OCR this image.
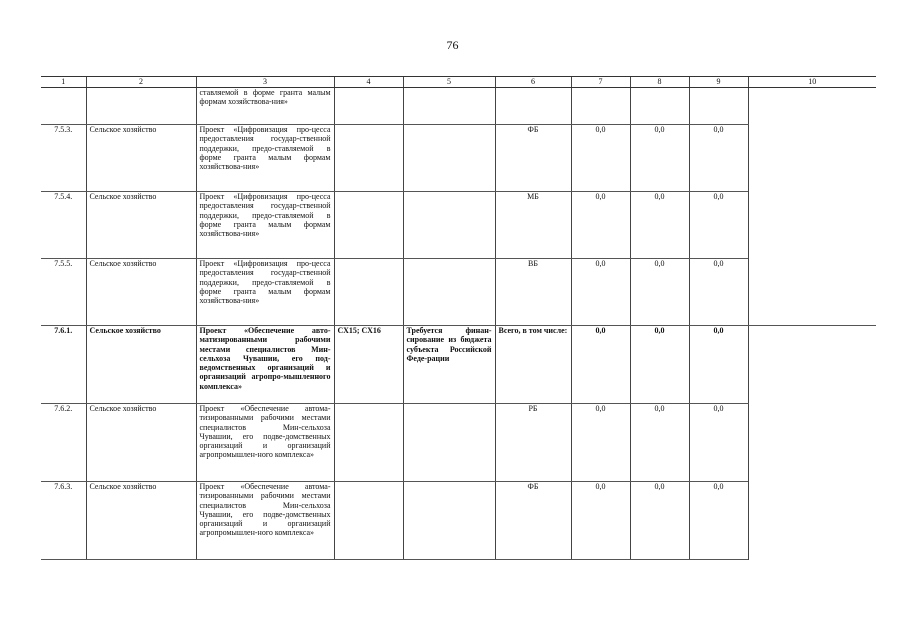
76
1	2	3	4	5	6	7	8	9	10
		ставляемой в форме гранта малым формам хозяйствова-ния»							
7.5.3.	Сельское хозяйство	Проект «Цифровизация про-цесса предоставления государ-ственной поддержки, предо-ставляемой в форме гранта малым формам хозяйствова-ния»			ФБ	0,0	0,0	0,0	
7.5.4.	Сельское хозяйство	Проект «Цифровизация про-цесса предоставления государ-ственной поддержки, предо-ставляемой в форме гранта малым формам хозяйствова-ния»			МБ	0,0	0,0	0,0	
7.5.5.	Сельское хозяйство	Проект «Цифровизация про-цесса предоставления государ-ственной поддержки, предо-ставляемой в форме гранта малым формам хозяйствова-ния»			ВБ	0,0	0,0	0,0	
7.6.1.	Сельское хозяйство	Проект «Обеспечение авто-матизированными рабочими местами специалистов Мин-сельхоза Чувашии, его под-ведомственных организаций и организаций агропро-мышленного комплекса»	СХ15; СХ16	Требуется финан-сирование из бюджета субъекта Российской Феде-рации	Всего, в том числе:	0,0	0,0	0,0	
7.6.2.	Сельское хозяйство	Проект «Обеспечение автома-тизированными рабочими местами специалистов Мин-сельхоза Чувашии, его подве-домственных организаций и организаций агропромышлен-ного комплекса»			РБ	0,0	0,0	0,0	
7.6.3.	Сельское хозяйство	Проект «Обеспечение автома-тизированными рабочими местами специалистов Мин-сельхоза Чувашии, его подве-домственных организаций и организаций агропромышлен-ного комплекса»			ФБ	0,0	0,0	0,0	
